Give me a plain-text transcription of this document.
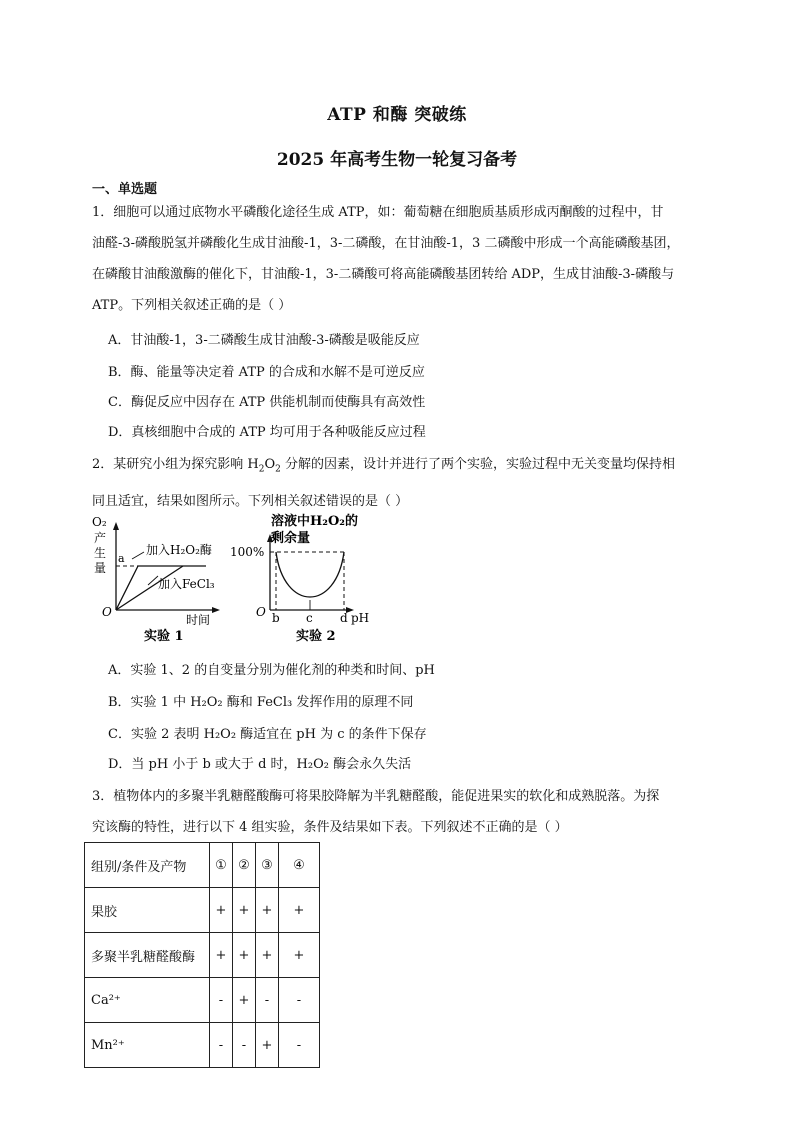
ATP 和酶 突破练
2025 年高考生物一轮复习备考
一、单选题
1．细胞可以通过底物水平磷酸化途径生成 ATP，如：葡萄糖在细胞质基质形成丙酮酸的过程中，甘
油醛-3-磷酸脱氢并磷酸化生成甘油酸-1，3-二磷酸，在甘油酸-1，3 二磷酸中形成一个高能磷酸基团，
在磷酸甘油酸激酶的催化下，甘油酸-1，3-二磷酸可将高能磷酸基团转给 ADP，生成甘油酸-3-磷酸与
ATP。下列相关叙述正确的是（ ）
A．甘油酸-1，3-二磷酸生成甘油酸-3-磷酸是吸能反应
B．酶、能量等决定着 ATP 的合成和水解不是可逆反应
C．酶促反应中因存在 ATP 供能机制而使酶具有高效性
D．真核细胞中合成的 ATP 均可用于各种吸能反应过程
2．某研究小组为探究影响 $H_2O_2$ 分解的因素，设计并进行了两个实验，实验过程中无关变量均保持相
同且适宜，结果如图所示。下列相关叙述错误的是（ ）
O₂
产
生
量
a
加入H₂O₂酶
加入FeCl₃
O
时间
实验 1
溶液中H₂O₂的
剩余量
100%
O b c d pH
实验 2
A．实验 1、2 的自变量分别为催化剂的种类和时间、pH
B．实验 1 中 H₂O₂ 酶和 FeCl₃ 发挥作用的原理不同
C．实验 2 表明 H₂O₂ 酶适宜在 pH 为 c 的条件下保存
D．当 pH 小于 b 或大于 d 时，H₂O₂ 酶会永久失活
3．植物体内的多聚半乳糖醛酸酶可将果胶降解为半乳糖醛酸，能促进果实的软化和成熟脱落。为探
究该酶的特性，进行以下 4 组实验，条件及结果如下表。下列叙述不正确的是（ ）
组别/条件及产物	①	②	③	④
果胶	+	+	+	+
多聚半乳糖醛酸酶	+	+	+	+
Ca²⁺	-	+	-	-
Mn²⁺	-	-	+	-
